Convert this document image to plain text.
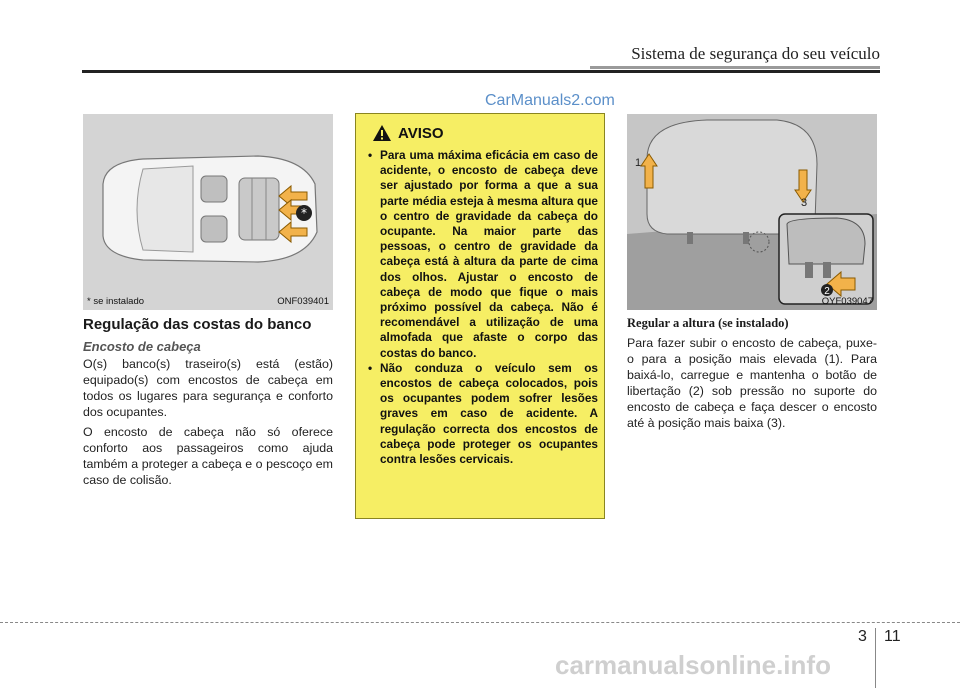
Sistema de segurança do seu veículo
CarManuals2.com
*
* se instalado	ONF039401
Regulação das costas do banco
Encosto de cabeça

O(s) banco(s) traseiro(s) está (estão) equipado(s) com encostos de cabeça em todos os lugares para segurança e conforto dos ocupantes.

O encosto de cabeça não só oferece conforto aos passageiros como ajuda também a proteger a cabeça e o pescoço em caso de colisão.

AVISO
• Para uma máxima eficácia em caso de acidente, o encosto de cabeça deve ser ajustado por forma a que a sua parte média esteja à mesma altura que o centro de gravidade da cabeça do ocupante. Na maior parte das pessoas, o centro de gravidade da cabeça está à altura da parte de cima dos olhos. Ajustar o encosto de cabeça de modo que fique o mais próximo possível da cabeça. Não é recomendável a utilização de uma almofada que afaste o corpo das costas do banco.
• Não conduza o veículo sem os encostos de cabeça colocados, pois os ocupantes podem sofrer lesões graves em caso de acidente. A regulação correcta dos encostos de cabeça pode proteger os ocupantes contra lesões cervicais.
1
3
2
OYF039047
Regular a altura (se instalado)

Para fazer subir o encosto de cabeça, puxe-o para a posição mais elevada (1). Para baixá-lo, carregue e mantenha o botão de libertação (2) sob pressão no suporte do encosto de cabeça e faça descer o encosto até à posição mais baixa (3).

3 11
carmanualsonline.info
